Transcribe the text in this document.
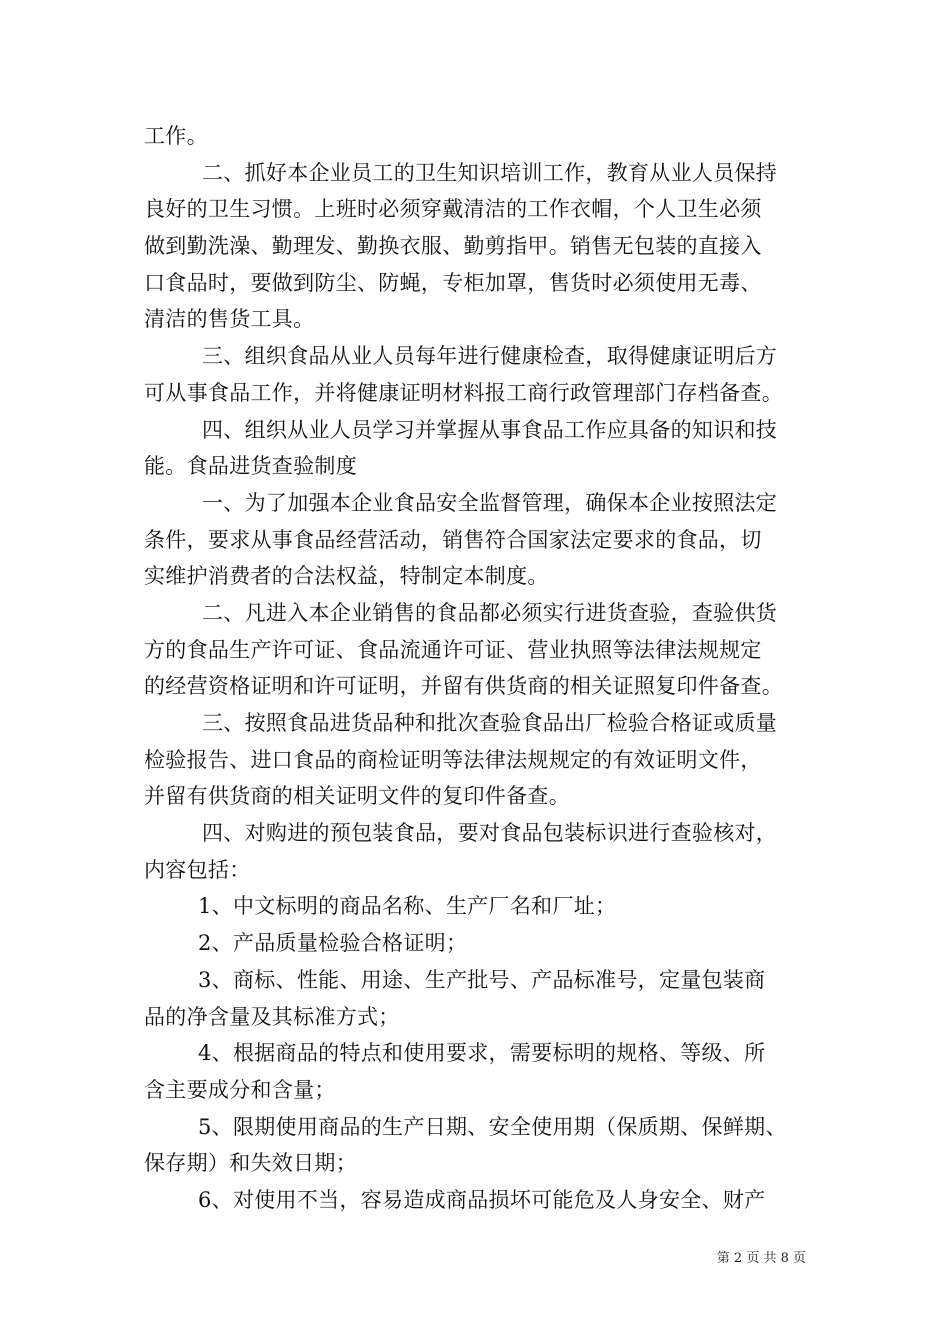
工作。
二、抓好本企业员工的卫生知识培训工作，教育从业人员保持
良好的卫生习惯。上班时必须穿戴清洁的工作衣帽，个人卫生必须
做到勤洗澡、勤理发、勤换衣服、勤剪指甲。销售无包装的直接入
口食品时，要做到防尘、防蝇，专柜加罩，售货时必须使用无毒、
清洁的售货工具。
三、组织食品从业人员每年进行健康检查，取得健康证明后方
可从事食品工作，并将健康证明材料报工商行政管理部门存档备查。
四、组织从业人员学习并掌握从事食品工作应具备的知识和技
能。食品进货查验制度
一、为了加强本企业食品安全监督管理，确保本企业按照法定
条件，要求从事食品经营活动，销售符合国家法定要求的食品，切
实维护消费者的合法权益，特制定本制度。
二、凡进入本企业销售的食品都必须实行进货查验，查验供货
方的食品生产许可证、食品流通许可证、营业执照等法律法规规定
的经营资格证明和许可证明，并留有供货商的相关证照复印件备查。
三、按照食品进货品种和批次查验食品出厂检验合格证或质量
检验报告、进口食品的商检证明等法律法规规定的有效证明文件，
并留有供货商的相关证明文件的复印件备查。
四、对购进的预包装食品，要对食品包装标识进行查验核对，
内容包括：
1、中文标明的商品名称、生产厂名和厂址；
2、产品质量检验合格证明；
3、商标、性能、用途、生产批号、产品标准号，定量包装商
品的净含量及其标准方式；
4、根据商品的特点和使用要求，需要标明的规格、等级、所
含主要成分和含量；
5、限期使用商品的生产日期、安全使用期（保质期、保鲜期、
保存期）和失效日期；
6、对使用不当，容易造成商品损坏可能危及人身安全、财产
第 2 页 共 8 页
